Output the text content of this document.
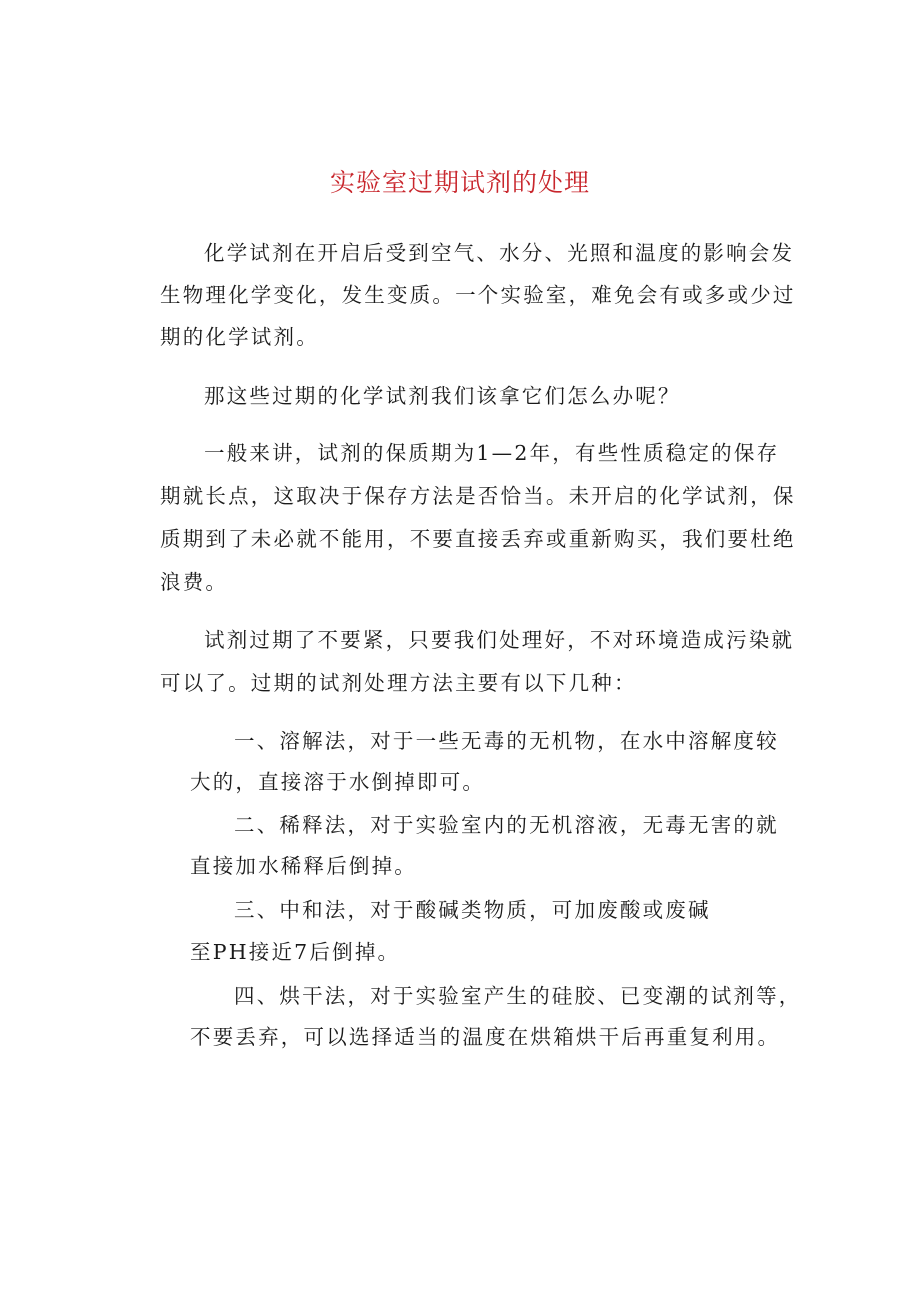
实验室过期试剂的处理
化学试剂在开启后受到空气、水分、光照和温度的影响会发
生物理化学变化，发生变质。一个实验室，难免会有或多或少过
期的化学试剂。
那这些过期的化学试剂我们该拿它们怎么办呢？
一般来讲，试剂的保质期为1—2年，有些性质稳定的保存
期就长点，这取决于保存方法是否恰当。未开启的化学试剂，保
质期到了未必就不能用，不要直接丢弃或重新购买，我们要杜绝
浪费。
试剂过期了不要紧，只要我们处理好，不对环境造成污染就
可以了。过期的试剂处理方法主要有以下几种：
一、溶解法，对于一些无毒的无机物，在水中溶解度较
大的，直接溶于水倒掉即可。
二、稀释法，对于实验室内的无机溶液，无毒无害的就
直接加水稀释后倒掉。
三、中和法，对于酸碱类物质，可加废酸或废碱
至PH接近7后倒掉。
四、烘干法，对于实验室产生的硅胶、已变潮的试剂等，
不要丢弃，可以选择适当的温度在烘箱烘干后再重复利用。
